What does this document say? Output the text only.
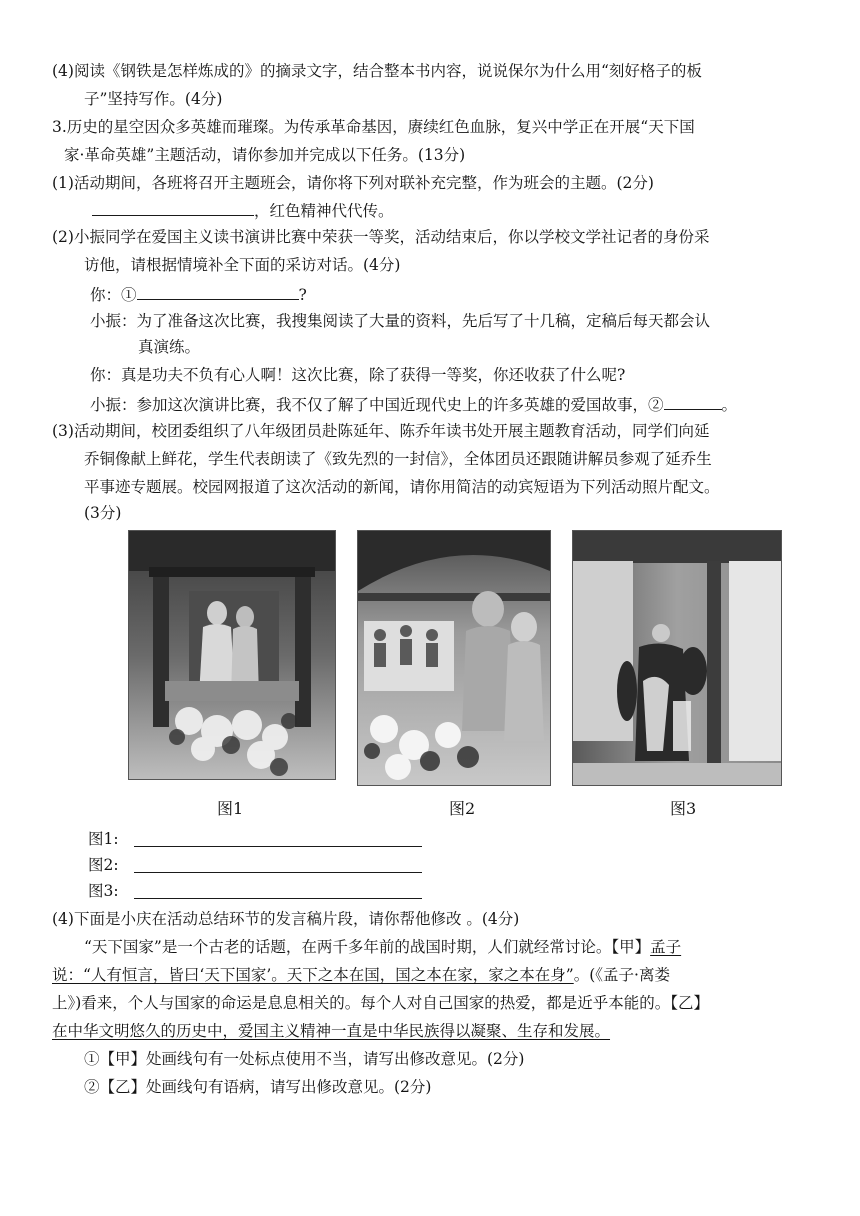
(4)阅读《钢铁是怎样炼成的》的摘录文字，结合整本书内容，说说保尔为什么用“刻好格子的板
子”坚持写作。(4分)
3.历史的星空因众多英雄而璀璨。为传承革命基因，赓续红色血脉，复兴中学正在开展“天下国
家·革命英雄”主题活动，请你参加并完成以下任务。(13分)
(1)活动期间，各班将召开主题班会，请你将下列对联补充完整，作为班会的主题。(2分)
，红色精神代代传。
(2)小振同学在爱国主义读书演讲比赛中荣获一等奖，活动结束后，你以学校文学社记者的身份采
访他，请根据情境补全下面的采访对话。(4分)
你：①	?
小振：为了准备这次比赛，我搜集阅读了大量的资料，先后写了十几稿，定稿后每天都会认
真演练。
你：真是功夫不负有心人啊！这次比赛，除了获得一等奖，你还收获了什么呢?
小振：参加这次演讲比赛，我不仅了解了中国近现代史上的许多英雄的爱国故事，②	。
(3)活动期间，校团委组织了八年级团员赴陈延年、陈乔年读书处开展主题教育活动，同学们向延
乔铜像献上鲜花，学生代表朗读了《致先烈的一封信》，全体团员还跟随讲解员参观了延乔生
平事迹专题展。校园网报道了这次活动的新闻，请你用简洁的动宾短语为下列活动照片配文。
(3分)
图1	图2	图3
图1:
图2:
图3:
(4)下面是小庆在活动总结环节的发言稿片段，请你帮他修改 。(4分)
“天下国家”是一个古老的话题，在两千多年前的战国时期，人们就经常讨论。【甲】孟子
说：“人有恒言，皆曰‘天下国家’。天下之本在国，国之本在家，家之本在身”。(《孟子·离娄
上》)看来，个人与国家的命运是息息相关的。每个人对自己国家的热爱，都是近乎本能的。【乙】
在中华文明悠久的历史中，爱国主义精神一直是中华民族得以凝聚、生存和发展。
①【甲】处画线句有一处标点使用不当，请写出修改意见。(2分)
②【乙】处画线句有语病，请写出修改意见。(2分)
